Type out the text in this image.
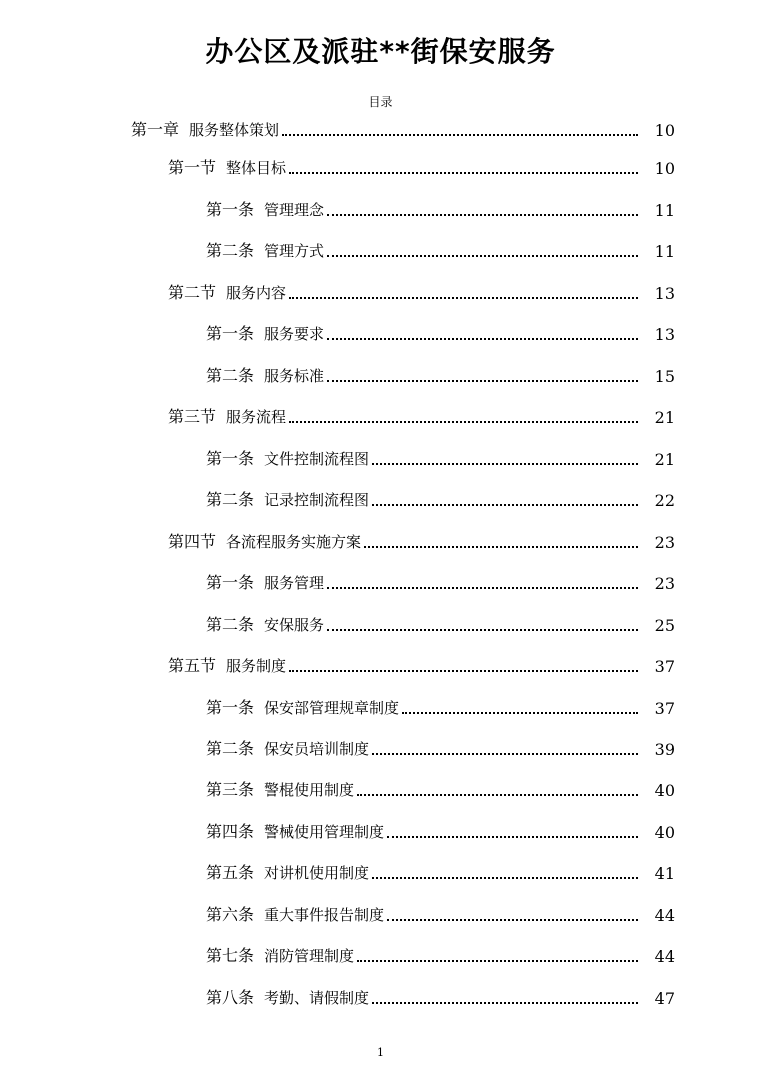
办公区及派驻**街保安服务
目录
第一章 服务整体策划	10
第一节 整体目标	10
第一条 管理理念	11
第二条 管理方式	11
第二节 服务内容	13
第一条 服务要求	13
第二条 服务标准	15
第三节 服务流程	21
第一条 文件控制流程图	21
第二条 记录控制流程图	22
第四节 各流程服务实施方案	23
第一条 服务管理	23
第二条 安保服务	25
第五节 服务制度	37
第一条 保安部管理规章制度	37
第二条 保安员培训制度	39
第三条 警棍使用制度	40
第四条 警械使用管理制度	40
第五条 对讲机使用制度	41
第六条 重大事件报告制度	44
第七条 消防管理制度	44
第八条 考勤、请假制度	47
1
